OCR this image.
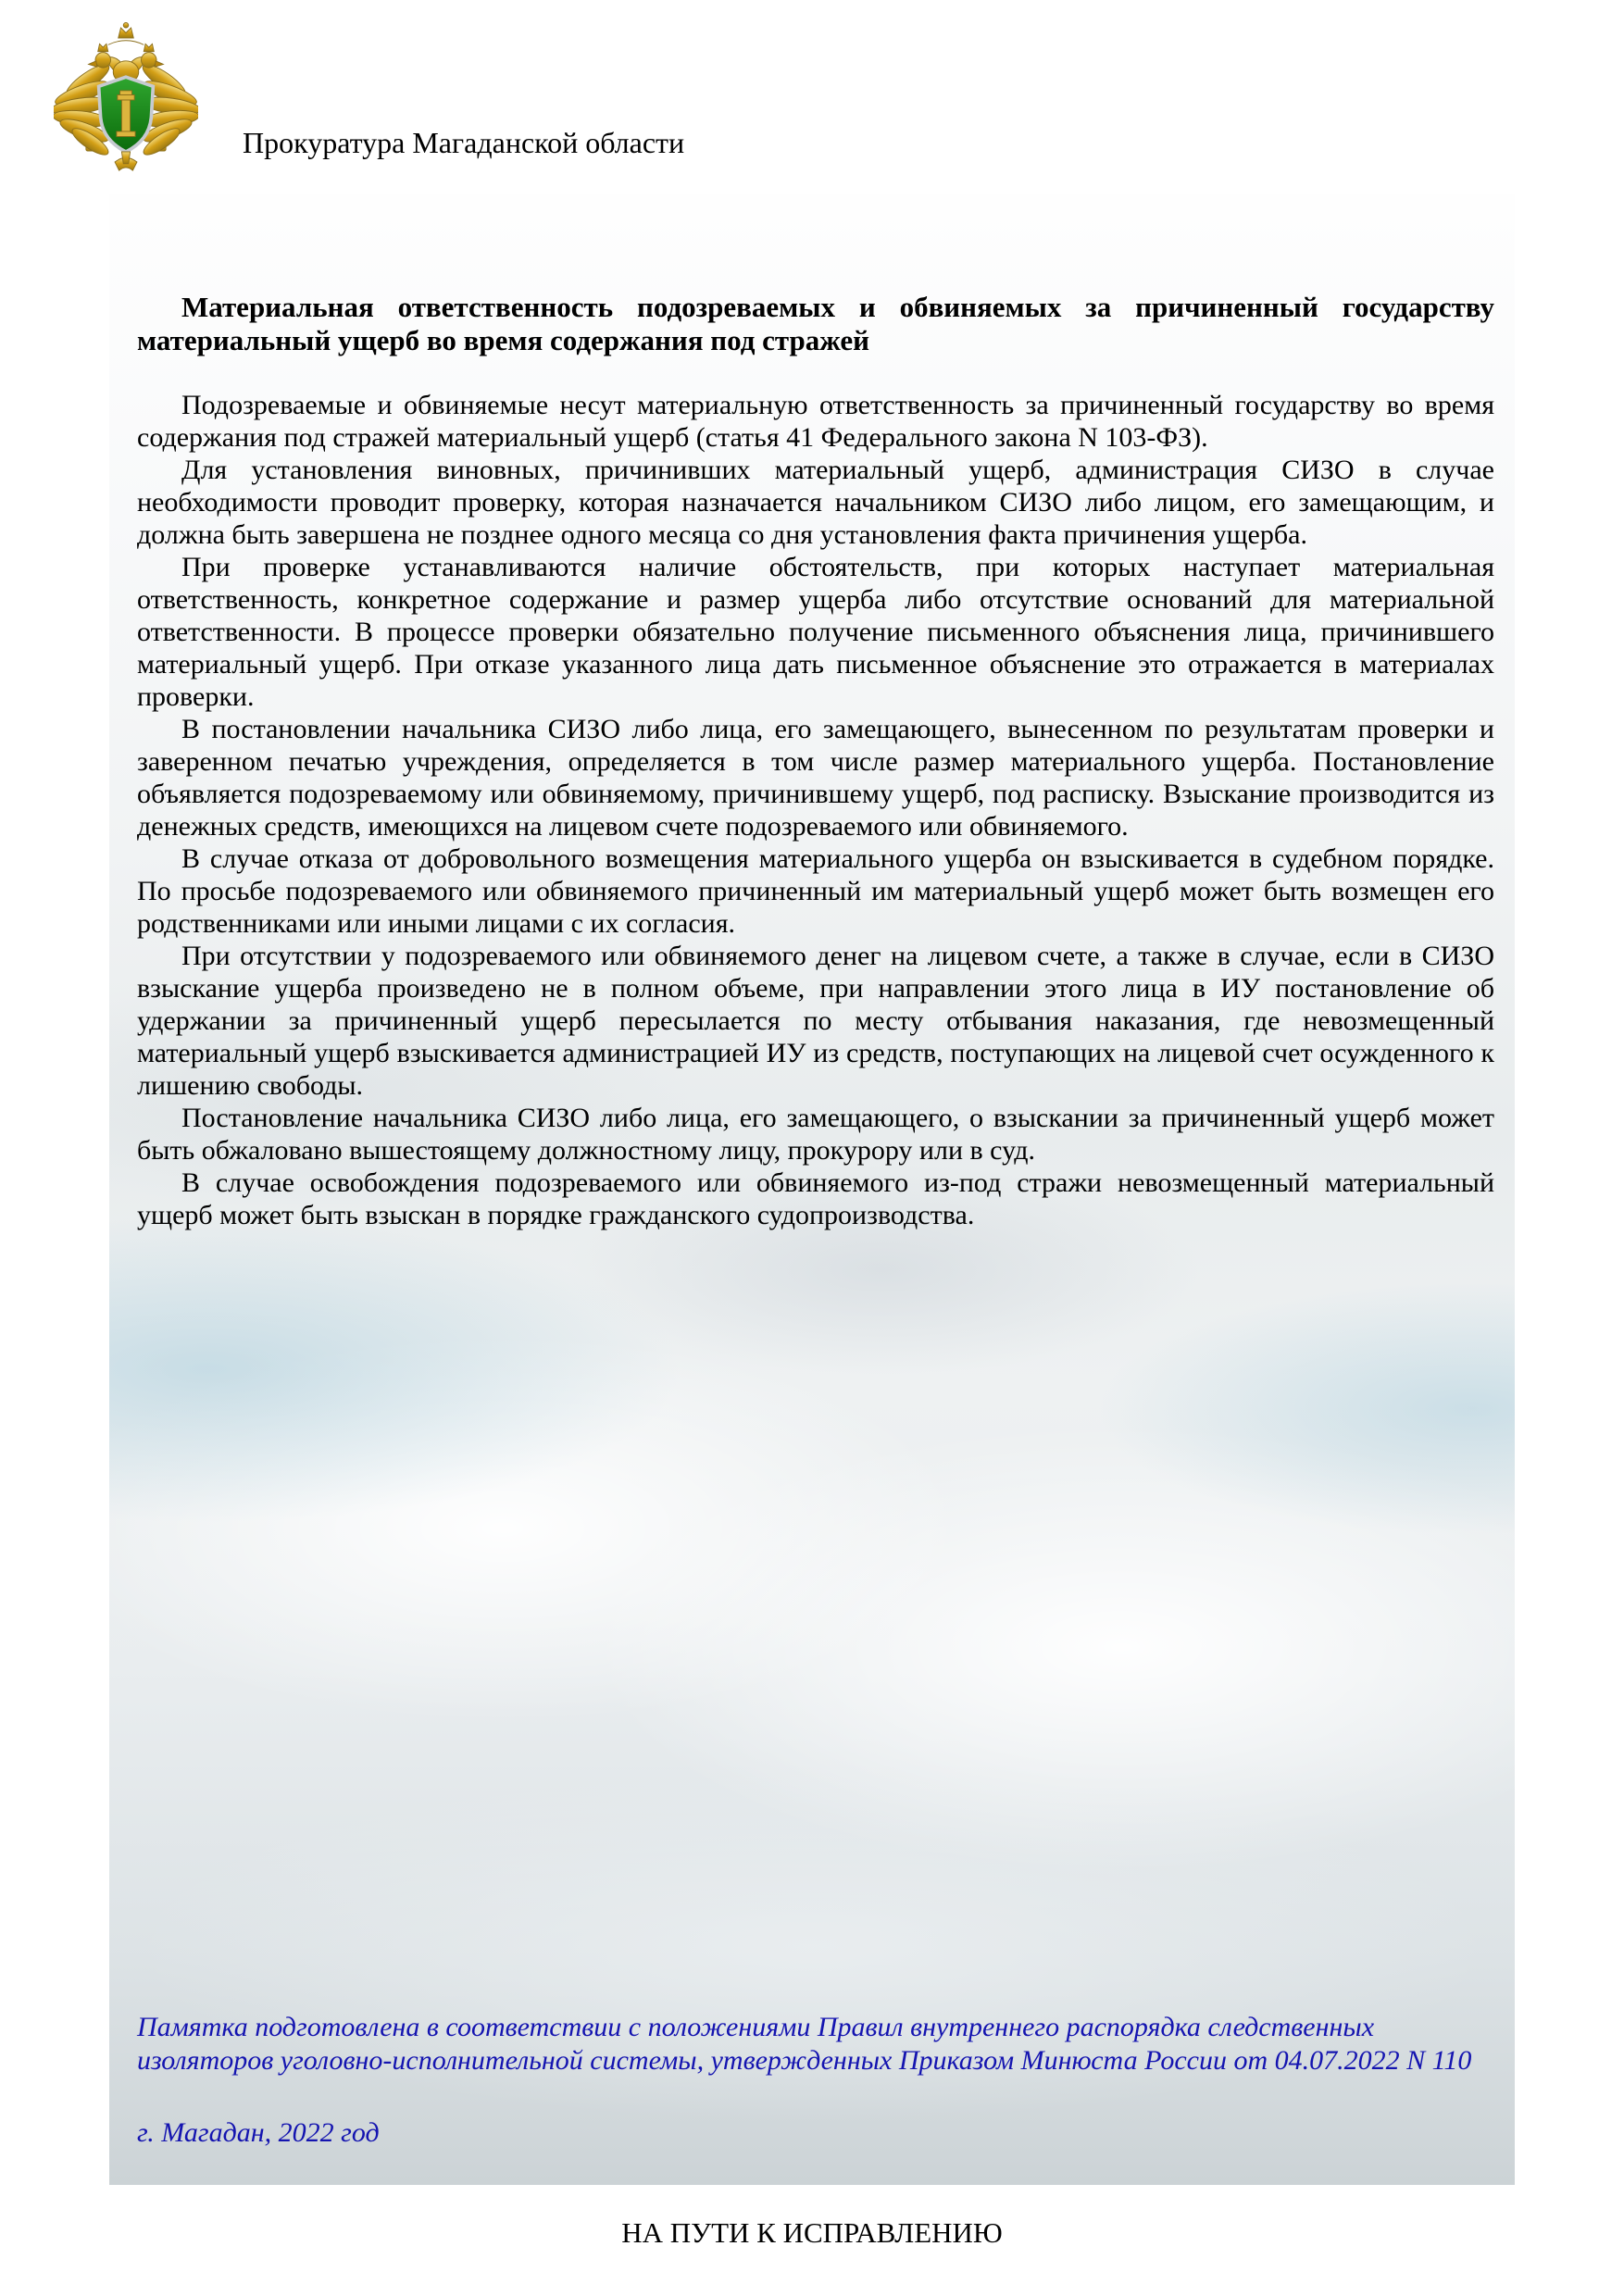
Прокуратура Магаданской области

Материальная ответственность подозреваемых и обвиняемых за причиненный государству материальный ущерб во время содержания под стражей

Подозреваемые и обвиняемые несут материальную ответственность за причиненный государству во время содержания под стражей материальный ущерб (статья 41 Федерального закона N 103-ФЗ).

Для установления виновных, причинивших материальный ущерб, администрация СИЗО в случае необходимости проводит проверку, которая назначается начальником СИЗО либо лицом, его замещающим, и должна быть завершена не позднее одного месяца со дня установления факта причинения ущерба.

При проверке устанавливаются наличие обстоятельств, при которых наступает материальная ответственность, конкретное содержание и размер ущерба либо отсутствие оснований для материальной ответственности. В процессе проверки обязательно получение письменного объяснения лица, причинившего материальный ущерб. При отказе указанного лица дать письменное объяснение это отражается в материалах проверки.

В постановлении начальника СИЗО либо лица, его замещающего, вынесенном по результатам проверки и заверенном печатью учреждения, определяется в том числе размер материального ущерба. Постановление объявляется подозреваемому или обвиняемому, причинившему ущерб, под расписку. Взыскание производится из денежных средств, имеющихся на лицевом счете подозреваемого или обвиняемого.

В случае отказа от добровольного возмещения материального ущерба он взыскивается в судебном порядке. По просьбе подозреваемого или обвиняемого причиненный им материальный ущерб может быть возмещен его родственниками или иными лицами с их согласия.

При отсутствии у подозреваемого или обвиняемого денег на лицевом счете, а также в случае, если в СИЗО взыскание ущерба произведено не в полном объеме, при направлении этого лица в ИУ постановление об удержании за причиненный ущерб пересылается по месту отбывания наказания, где невозмещенный материальный ущерб взыскивается администрацией ИУ из средств, поступающих на лицевой счет осужденного к лишению свободы.

Постановление начальника СИЗО либо лица, его замещающего, о взыскании за причиненный ущерб может быть обжаловано вышестоящему должностному лицу, прокурору или в суд.

В случае освобождения подозреваемого или обвиняемого из-под стражи невозмещенный материальный ущерб может быть взыскан в порядке гражданского судопроизводства.

Памятка подготовлена в соответствии с положениями Правил внутреннего распорядка следственных изоляторов уголовно-исполнительной системы, утвержденных Приказом Минюста России от 04.07.2022 N 110

г. Магадан, 2022 год

НА ПУТИ К ИСПРАВЛЕНИЮ
